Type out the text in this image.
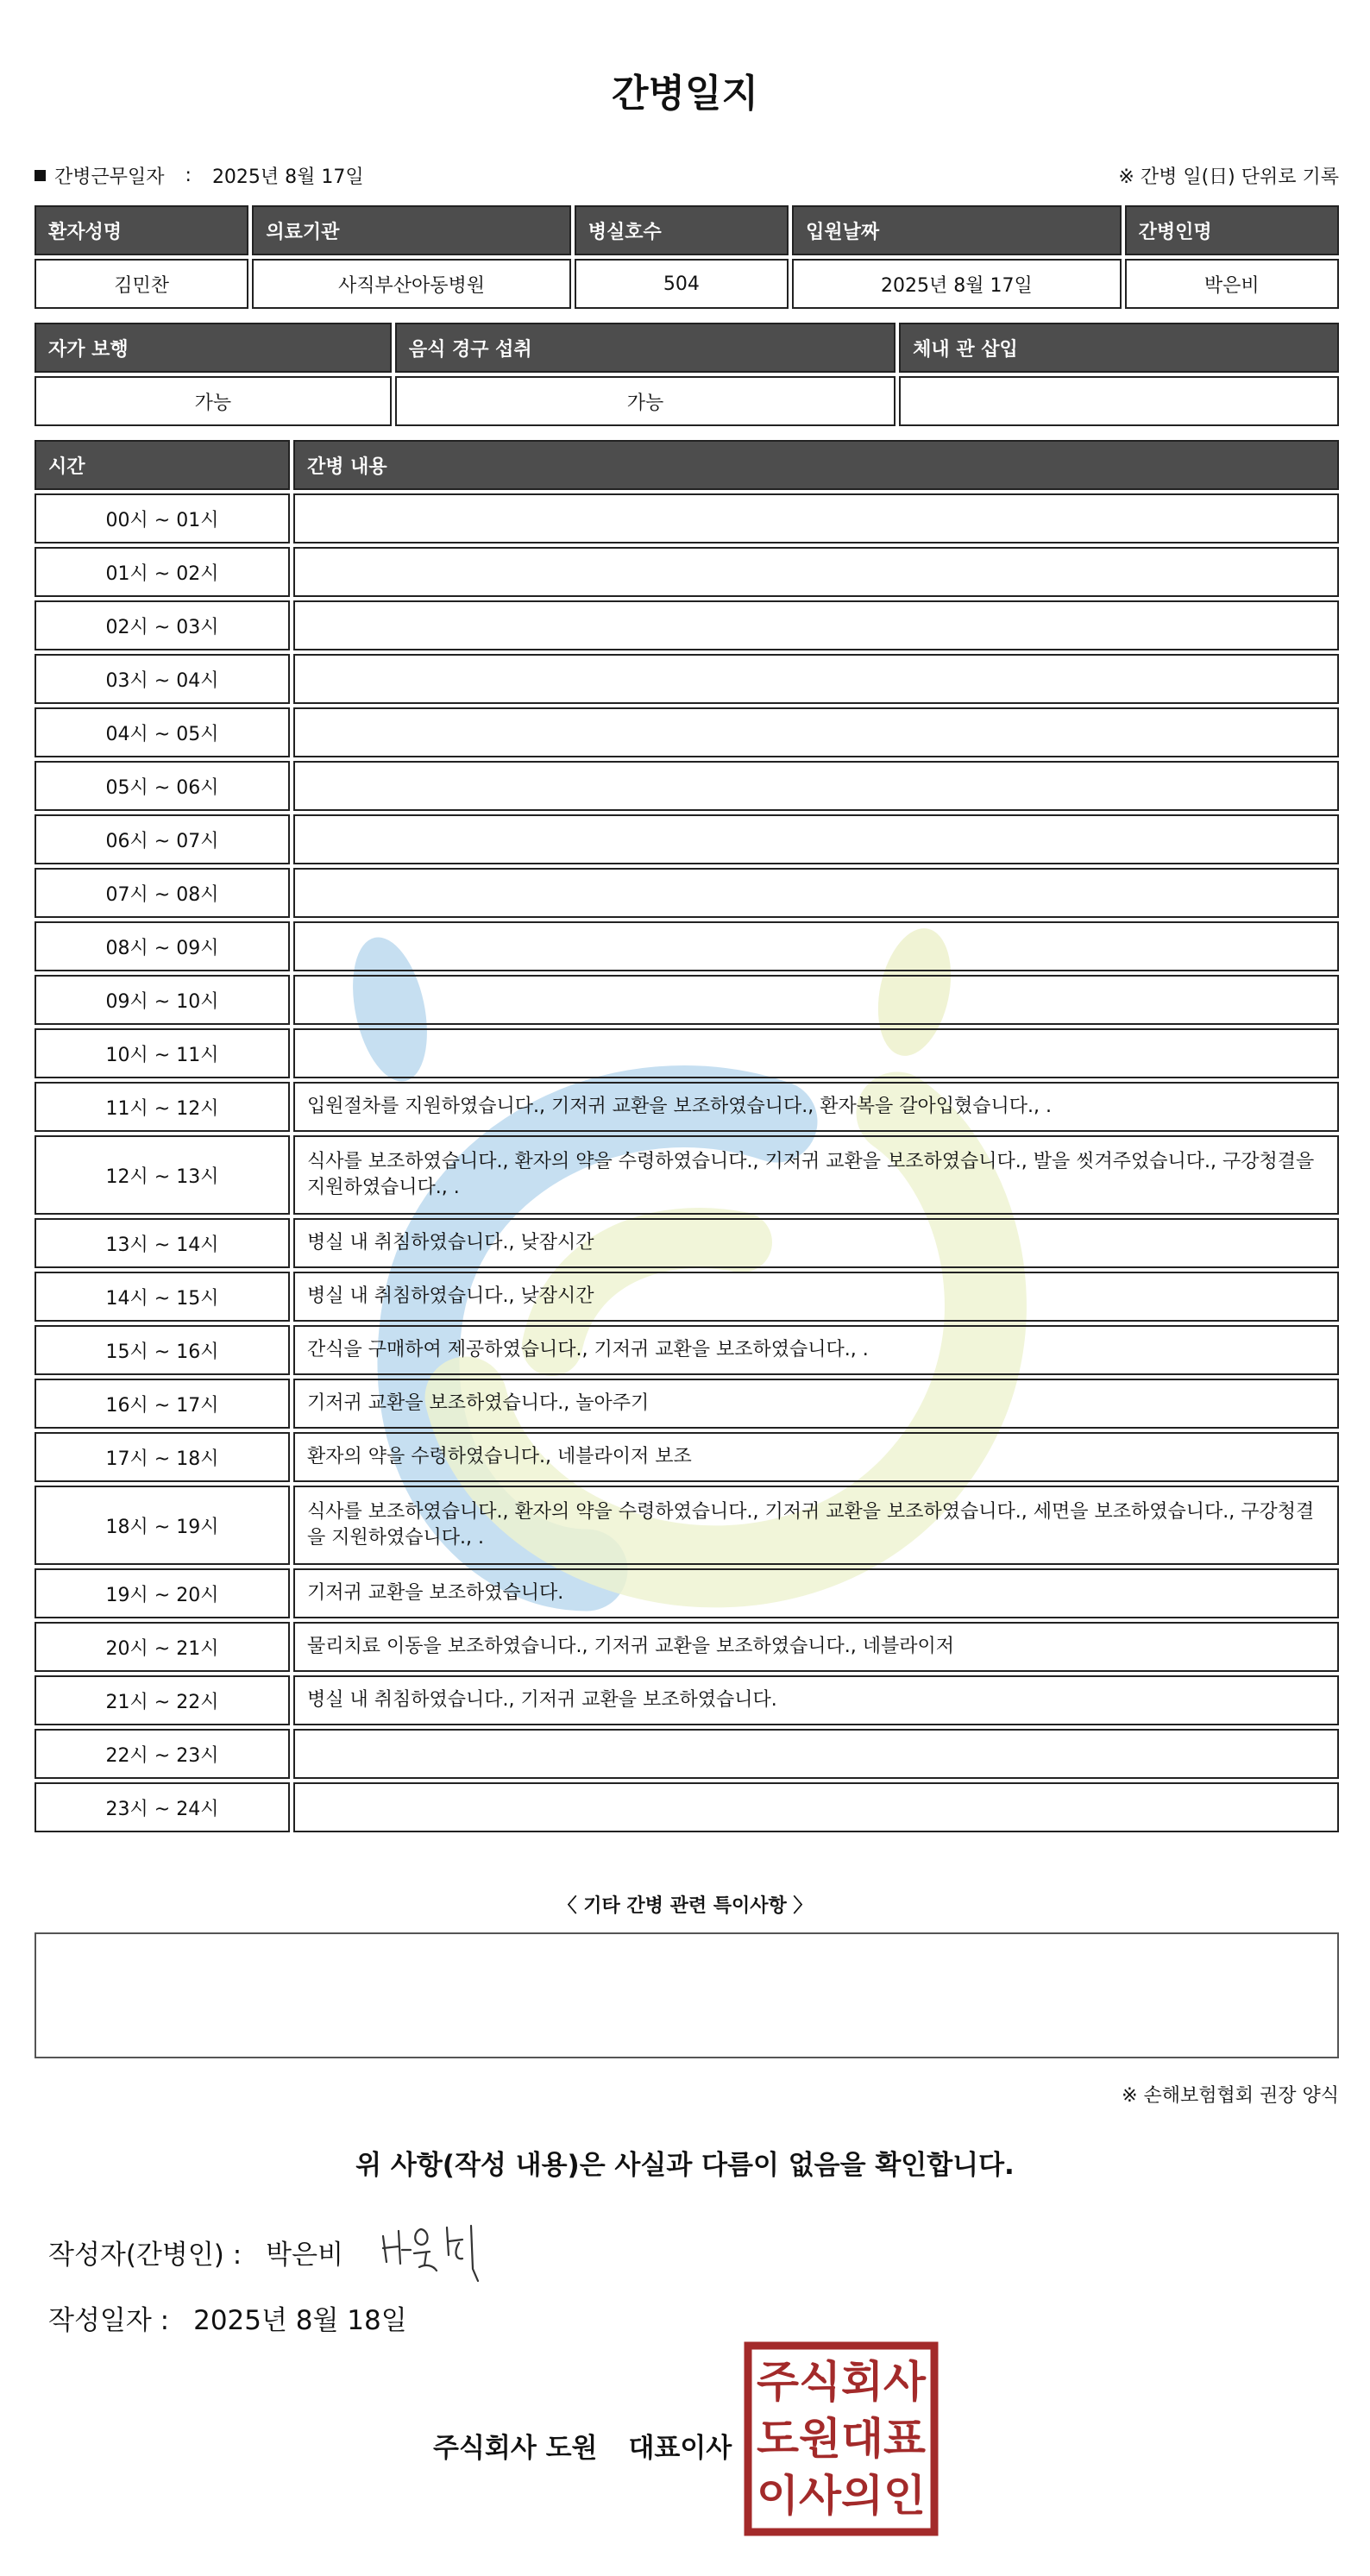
간병일지
간병근무일자 : 2025년 8월 17일	※ 간병 일(日) 단위로 기록
환자성명	의료기관	병실호수	입원날짜	간병인명
김민찬	사직부산아동병원	504	2025년 8월 17일	박은비
자가 보행	음식 경구 섭취	체내 관 삽입
가능	가능	
시간	간병 내용
00시 ~ 01시	
01시 ~ 02시	
02시 ~ 03시	
03시 ~ 04시	
04시 ~ 05시	
05시 ~ 06시	
06시 ~ 07시	
07시 ~ 08시	
08시 ~ 09시	
09시 ~ 10시	
10시 ~ 11시	
11시 ~ 12시	입원절차를 지원하였습니다., 기저귀 교환을 보조하였습니다., 환자복을 갈아입혔습니다., .
12시 ~ 13시	식사를 보조하였습니다., 환자의 약을 수령하였습니다., 기저귀 교환을 보조하였습니다., 발을 씻겨주었습니다., 구강청결을 지원하였습니다., .
13시 ~ 14시	병실 내 취침하였습니다., 낮잠시간
14시 ~ 15시	병실 내 취침하였습니다., 낮잠시간
15시 ~ 16시	간식을 구매하여 제공하였습니다., 기저귀 교환을 보조하였습니다., .
16시 ~ 17시	기저귀 교환을 보조하였습니다., 놀아주기
17시 ~ 18시	환자의 약을 수령하였습니다., 네블라이저 보조
18시 ~ 19시	식사를 보조하였습니다., 환자의 약을 수령하였습니다., 기저귀 교환을 보조하였습니다., 세면을 보조하였습니다., 구강청결을 지원하였습니다., .
19시 ~ 20시	기저귀 교환을 보조하였습니다.
20시 ~ 21시	물리치료 이동을 보조하였습니다., 기저귀 교환을 보조하였습니다., 네블라이저
21시 ~ 22시	병실 내 취침하였습니다., 기저귀 교환을 보조하였습니다.
22시 ~ 23시	
23시 ~ 24시	
〈 기타 간병 관련 특이사항 〉
※ 손해보험협회 권장 양식
위 사항(작성 내용)은 사실과 다름이 없음을 확인합니다.
작성자(간병인) : 박은비
작성일자 : 2025년 8월 18일
주식회사 도원 대표이사
주식회사
도원대표
이사의인
